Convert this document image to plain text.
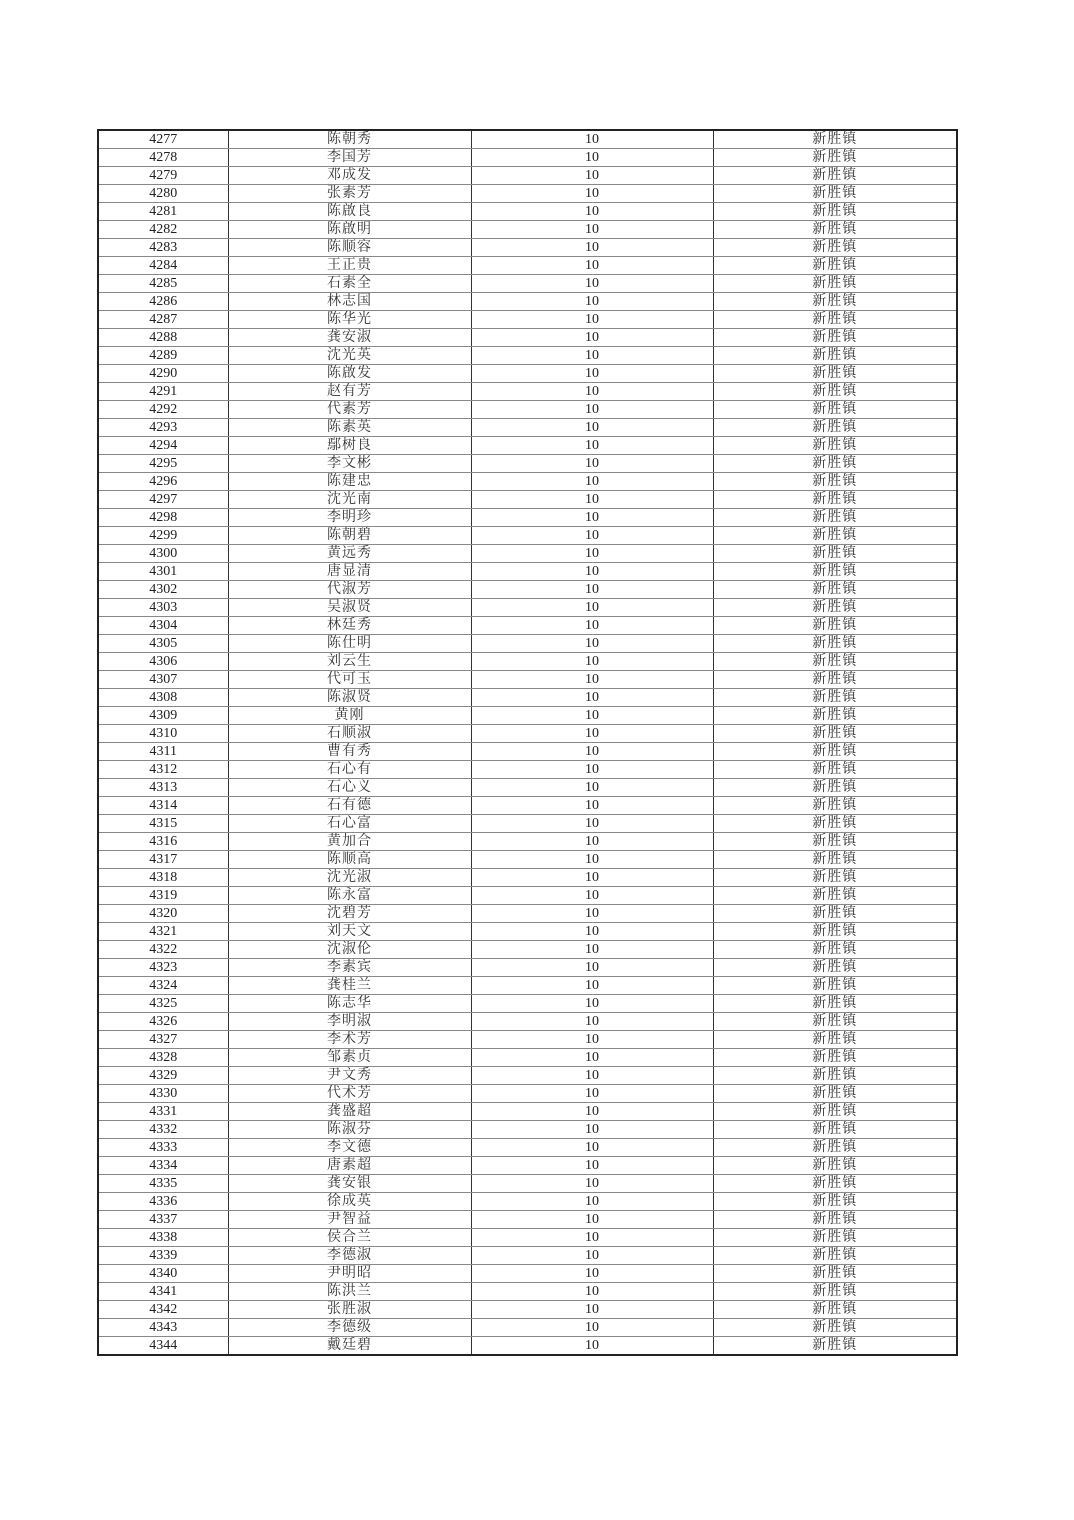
4277	陈朝秀	10	新胜镇
4278	李国芳	10	新胜镇
4279	邓成发	10	新胜镇
4280	张素芳	10	新胜镇
4281	陈啟良	10	新胜镇
4282	陈啟明	10	新胜镇
4283	陈顺容	10	新胜镇
4284	王正贵	10	新胜镇
4285	石素全	10	新胜镇
4286	林志国	10	新胜镇
4287	陈华光	10	新胜镇
4288	龚安淑	10	新胜镇
4289	沈光英	10	新胜镇
4290	陈啟发	10	新胜镇
4291	赵有芳	10	新胜镇
4292	代素芳	10	新胜镇
4293	陈素英	10	新胜镇
4294	鄢树良	10	新胜镇
4295	李文彬	10	新胜镇
4296	陈建忠	10	新胜镇
4297	沈光南	10	新胜镇
4298	李明珍	10	新胜镇
4299	陈朝碧	10	新胜镇
4300	黄远秀	10	新胜镇
4301	唐显清	10	新胜镇
4302	代淑芳	10	新胜镇
4303	吴淑贤	10	新胜镇
4304	林廷秀	10	新胜镇
4305	陈仕明	10	新胜镇
4306	刘云生	10	新胜镇
4307	代可玉	10	新胜镇
4308	陈淑贤	10	新胜镇
4309	黄刚	10	新胜镇
4310	石顺淑	10	新胜镇
4311	曹有秀	10	新胜镇
4312	石心有	10	新胜镇
4313	石心义	10	新胜镇
4314	石有德	10	新胜镇
4315	石心富	10	新胜镇
4316	黄加合	10	新胜镇
4317	陈顺高	10	新胜镇
4318	沈光淑	10	新胜镇
4319	陈永富	10	新胜镇
4320	沈碧芳	10	新胜镇
4321	刘天文	10	新胜镇
4322	沈淑伦	10	新胜镇
4323	李素宾	10	新胜镇
4324	龚桂兰	10	新胜镇
4325	陈志华	10	新胜镇
4326	李明淑	10	新胜镇
4327	李术芳	10	新胜镇
4328	邹素贞	10	新胜镇
4329	尹文秀	10	新胜镇
4330	代术芳	10	新胜镇
4331	龚盛超	10	新胜镇
4332	陈淑芬	10	新胜镇
4333	李文德	10	新胜镇
4334	唐素超	10	新胜镇
4335	龚安银	10	新胜镇
4336	徐成英	10	新胜镇
4337	尹智益	10	新胜镇
4338	侯合兰	10	新胜镇
4339	李德淑	10	新胜镇
4340	尹明昭	10	新胜镇
4341	陈洪兰	10	新胜镇
4342	张胜淑	10	新胜镇
4343	李德级	10	新胜镇
4344	戴廷碧	10	新胜镇
